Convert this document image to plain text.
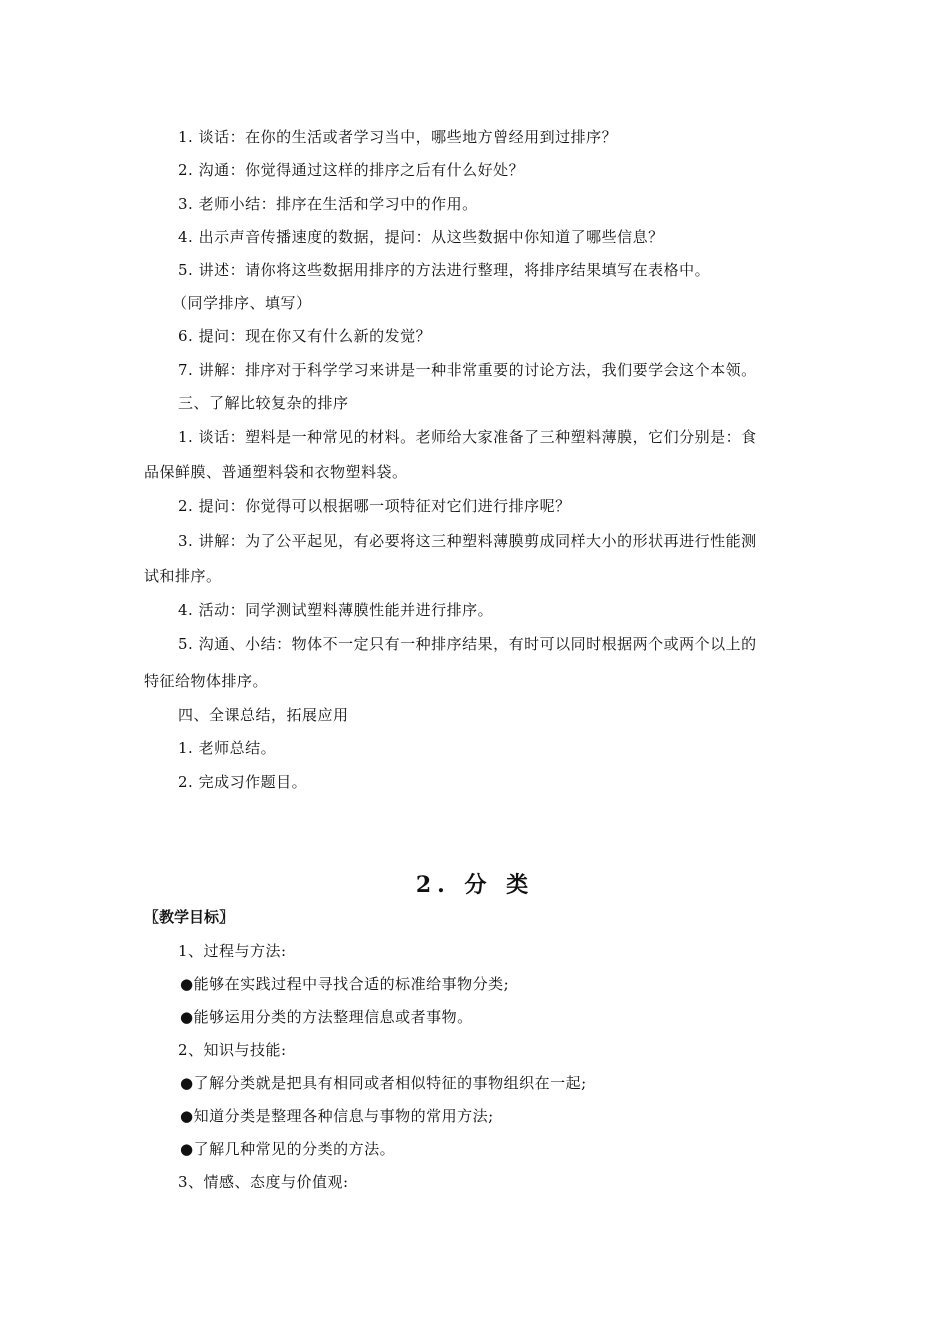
1. 谈话：在你的生活或者学习当中，哪些地方曾经用到过排序？
2. 沟通：你觉得通过这样的排序之后有什么好处？
3. 老师小结：排序在生活和学习中的作用。
4. 出示声音传播速度的数据，提问：从这些数据中你知道了哪些信息？
5. 讲述：请你将这些数据用排序的方法进行整理，将排序结果填写在表格中。
（同学排序、填写）
6. 提问：现在你又有什么新的发觉？
7. 讲解：排序对于科学学习来讲是一种非常重要的讨论方法，我们要学会这个本领。
三、了解比较复杂的排序
1. 谈话：塑料是一种常见的材料。老师给大家准备了三种塑料薄膜，它们分别是：食
品保鲜膜、普通塑料袋和衣物塑料袋。
2. 提问：你觉得可以根据哪一项特征对它们进行排序呢？
3. 讲解：为了公平起见，有必要将这三种塑料薄膜剪成同样大小的形状再进行性能测
试和排序。
4. 活动：同学测试塑料薄膜性能并进行排序。
5. 沟通、小结：物体不一定只有一种排序结果，有时可以同时根据两个或两个以上的
特征给物体排序。
四、全课总结，拓展应用
1. 老师总结。
2. 完成习作题目。
2. 分 类
〖教学目标〗
1、过程与方法:
●能够在实践过程中寻找合适的标准给事物分类;
●能够运用分类的方法整理信息或者事物。
2、知识与技能:
●了解分类就是把具有相同或者相似特征的事物组织在一起;
●知道分类是整理各种信息与事物的常用方法;
●了解几种常见的分类的方法。
3、情感、态度与价值观:
